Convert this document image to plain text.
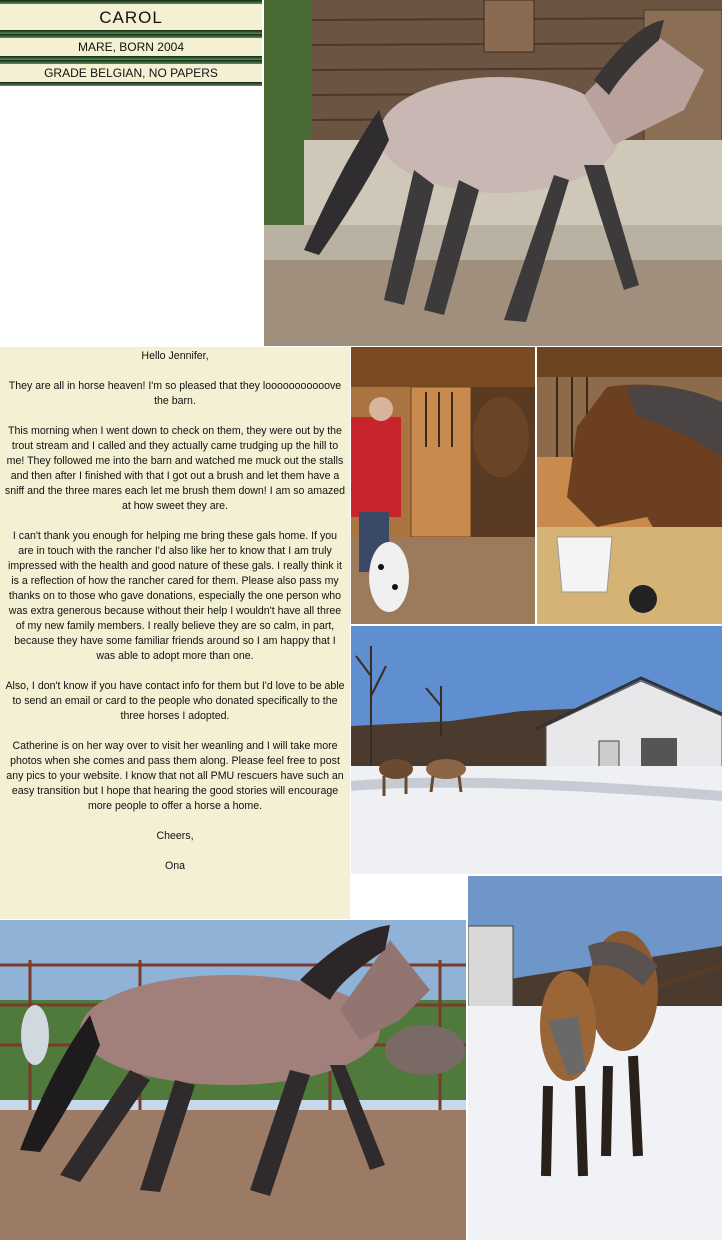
CAROL
MARE, BORN 2004
GRADE BELGIAN, NO PAPERS

Hello Jennifer,

They are all in horse heaven! I'm so pleased that they looooooooooove the barn.

This morning when I went down to check on them, they were out by the trout stream and I called and they actually came trudging up the hill to me! They followed me into the barn and watched me muck out the stalls and then after I finished with that I got out a brush and let them have a sniff and the three mares each let me brush them down! I am so amazed at how sweet they are.

I can't thank you enough for helping me bring these gals home. If you are in touch with the rancher I'd also like her to know that I am truly impressed with the health and good nature of these gals. I really think it is a reflection of how the rancher cared for them. Please also pass my thanks on to those who gave donations, especially the one person who was extra generous because without their help I wouldn't have all three of my new family members. I really believe they are so calm, in part, because they have some familiar friends around so I am happy that I was able to adopt more than one.

Also, I don't know if you have contact info for them but I'd love to be able to send an email or card to the people who donated specifically to the three horses I adopted.

Catherine is on her way over to visit her weanling and I will take more photos when she comes and pass them along. Please feel free to post any pics to your website. I know that not all PMU rescuers have such an easy transition but I hope that hearing the good stories will encourage more people to offer a horse a home.

Cheers,

Ona
